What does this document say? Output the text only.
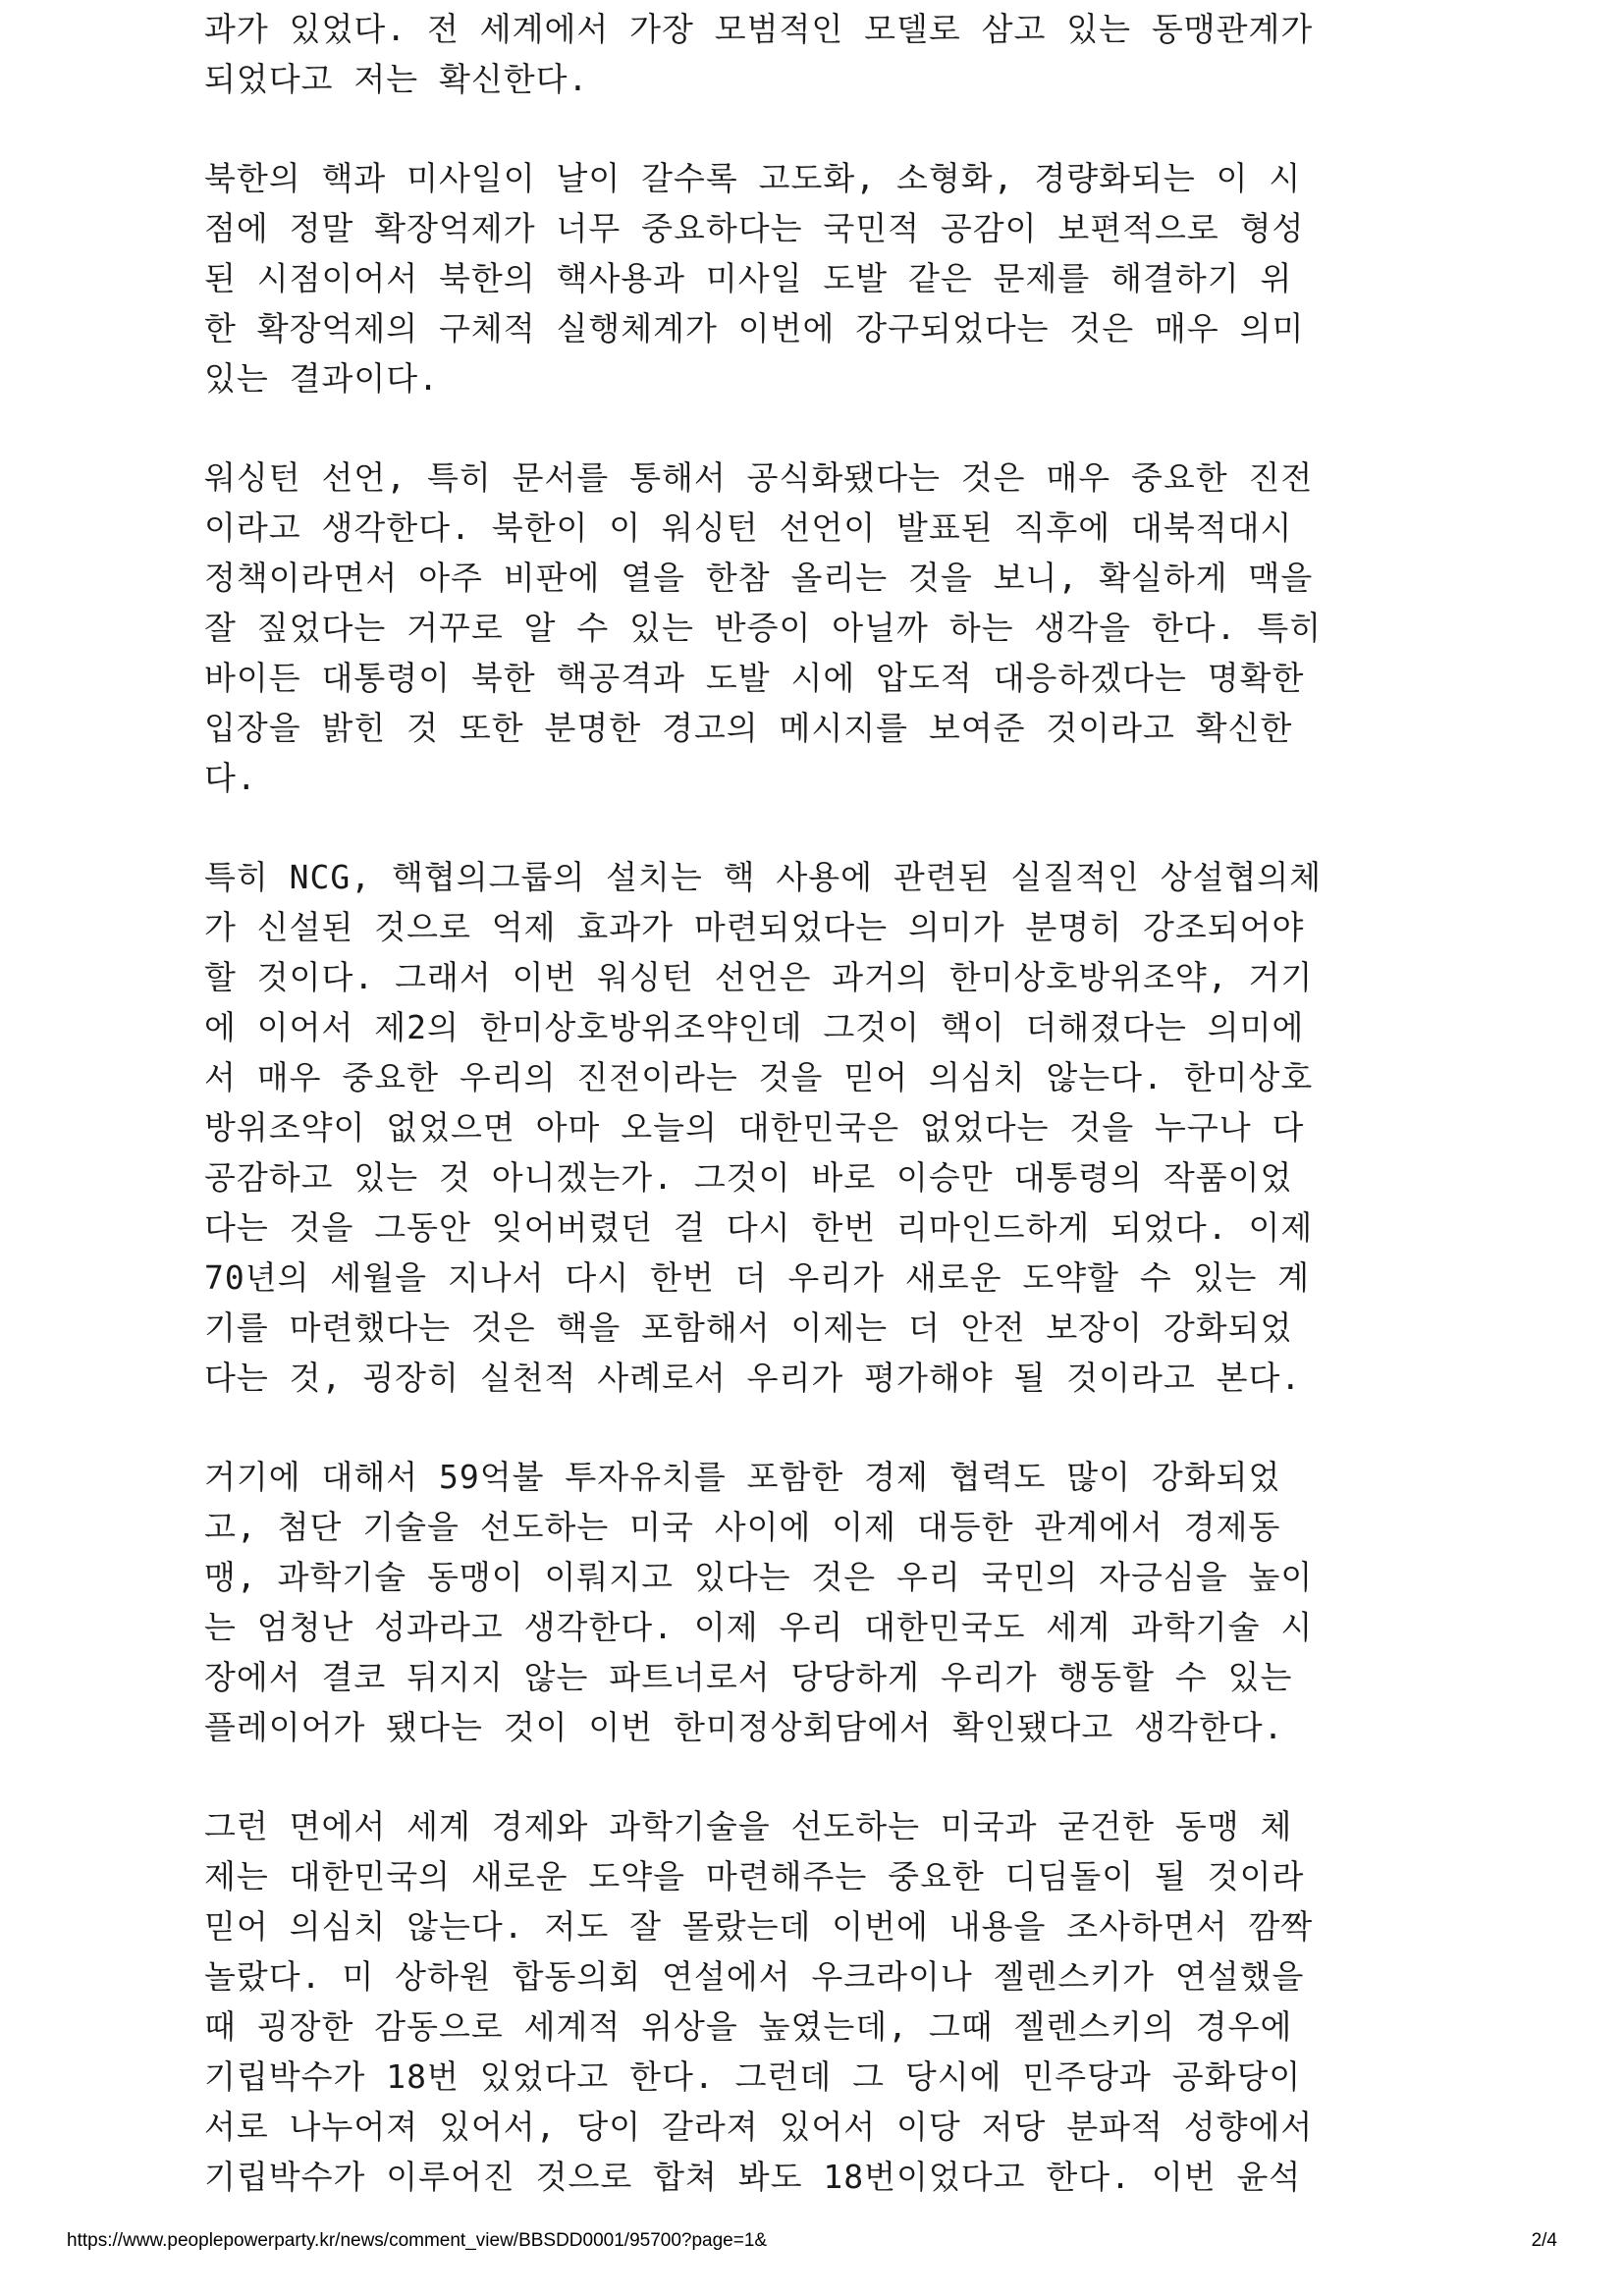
과가 있었다. 전 세계에서 가장 모범적인 모델로 삼고 있는 동맹관계가
되었다고 저는 확신한다.

북한의 핵과 미사일이 날이 갈수록 고도화, 소형화, 경량화되는 이 시
점에 정말 확장억제가 너무 중요하다는 국민적 공감이 보편적으로 형성
된 시점이어서 북한의 핵사용과 미사일 도발 같은 문제를 해결하기 위
한 확장억제의 구체적 실행체계가 이번에 강구되었다는 것은 매우 의미
있는 결과이다.

워싱턴 선언, 특히 문서를 통해서 공식화됐다는 것은 매우 중요한 진전
이라고 생각한다. 북한이 이 워싱턴 선언이 발표된 직후에 대북적대시
정책이라면서 아주 비판에 열을 한참 올리는 것을 보니, 확실하게 맥을
잘 짚었다는 거꾸로 알 수 있는 반증이 아닐까 하는 생각을 한다. 특히
바이든 대통령이 북한 핵공격과 도발 시에 압도적 대응하겠다는 명확한
입장을 밝힌 것 또한 분명한 경고의 메시지를 보여준 것이라고 확신한
다.

특히 NCG, 핵협의그룹의 설치는 핵 사용에 관련된 실질적인 상설협의체
가 신설된 것으로 억제 효과가 마련되었다는 의미가 분명히 강조되어야
할 것이다. 그래서 이번 워싱턴 선언은 과거의 한미상호방위조약, 거기
에 이어서 제2의 한미상호방위조약인데 그것이 핵이 더해졌다는 의미에
서 매우 중요한 우리의 진전이라는 것을 믿어 의심치 않는다. 한미상호
방위조약이 없었으면 아마 오늘의 대한민국은 없었다는 것을 누구나 다
공감하고 있는 것 아니겠는가. 그것이 바로 이승만 대통령의 작품이었
다는 것을 그동안 잊어버렸던 걸 다시 한번 리마인드하게 되었다. 이제
70년의 세월을 지나서 다시 한번 더 우리가 새로운 도약할 수 있는 계
기를 마련했다는 것은 핵을 포함해서 이제는 더 안전 보장이 강화되었
다는 것, 굉장히 실천적 사례로서 우리가 평가해야 될 것이라고 본다.

거기에 대해서 59억불 투자유치를 포함한 경제 협력도 많이 강화되었
고, 첨단 기술을 선도하는 미국 사이에 이제 대등한 관계에서 경제동
맹, 과학기술 동맹이 이뤄지고 있다는 것은 우리 국민의 자긍심을 높이
는 엄청난 성과라고 생각한다. 이제 우리 대한민국도 세계 과학기술 시
장에서 결코 뒤지지 않는 파트너로서 당당하게 우리가 행동할 수 있는
플레이어가 됐다는 것이 이번 한미정상회담에서 확인됐다고 생각한다.

그런 면에서 세계 경제와 과학기술을 선도하는 미국과 굳건한 동맹 체
제는 대한민국의 새로운 도약을 마련해주는 중요한 디딤돌이 될 것이라
믿어 의심치 않는다. 저도 잘 몰랐는데 이번에 내용을 조사하면서 깜짝
놀랐다. 미 상하원 합동의회 연설에서 우크라이나 젤렌스키가 연설했을
때 굉장한 감동으로 세계적 위상을 높였는데, 그때 젤렌스키의 경우에
기립박수가 18번 있었다고 한다. 그런데 그 당시에 민주당과 공화당이
서로 나누어져 있어서, 당이 갈라져 있어서 이당 저당 분파적 성향에서
기립박수가 이루어진 것으로 합쳐 봐도 18번이었다고 한다. 이번 윤석

https://www.peoplepowerparty.kr/news/comment_view/BBSDD0001/95700?page=1&	2/4
